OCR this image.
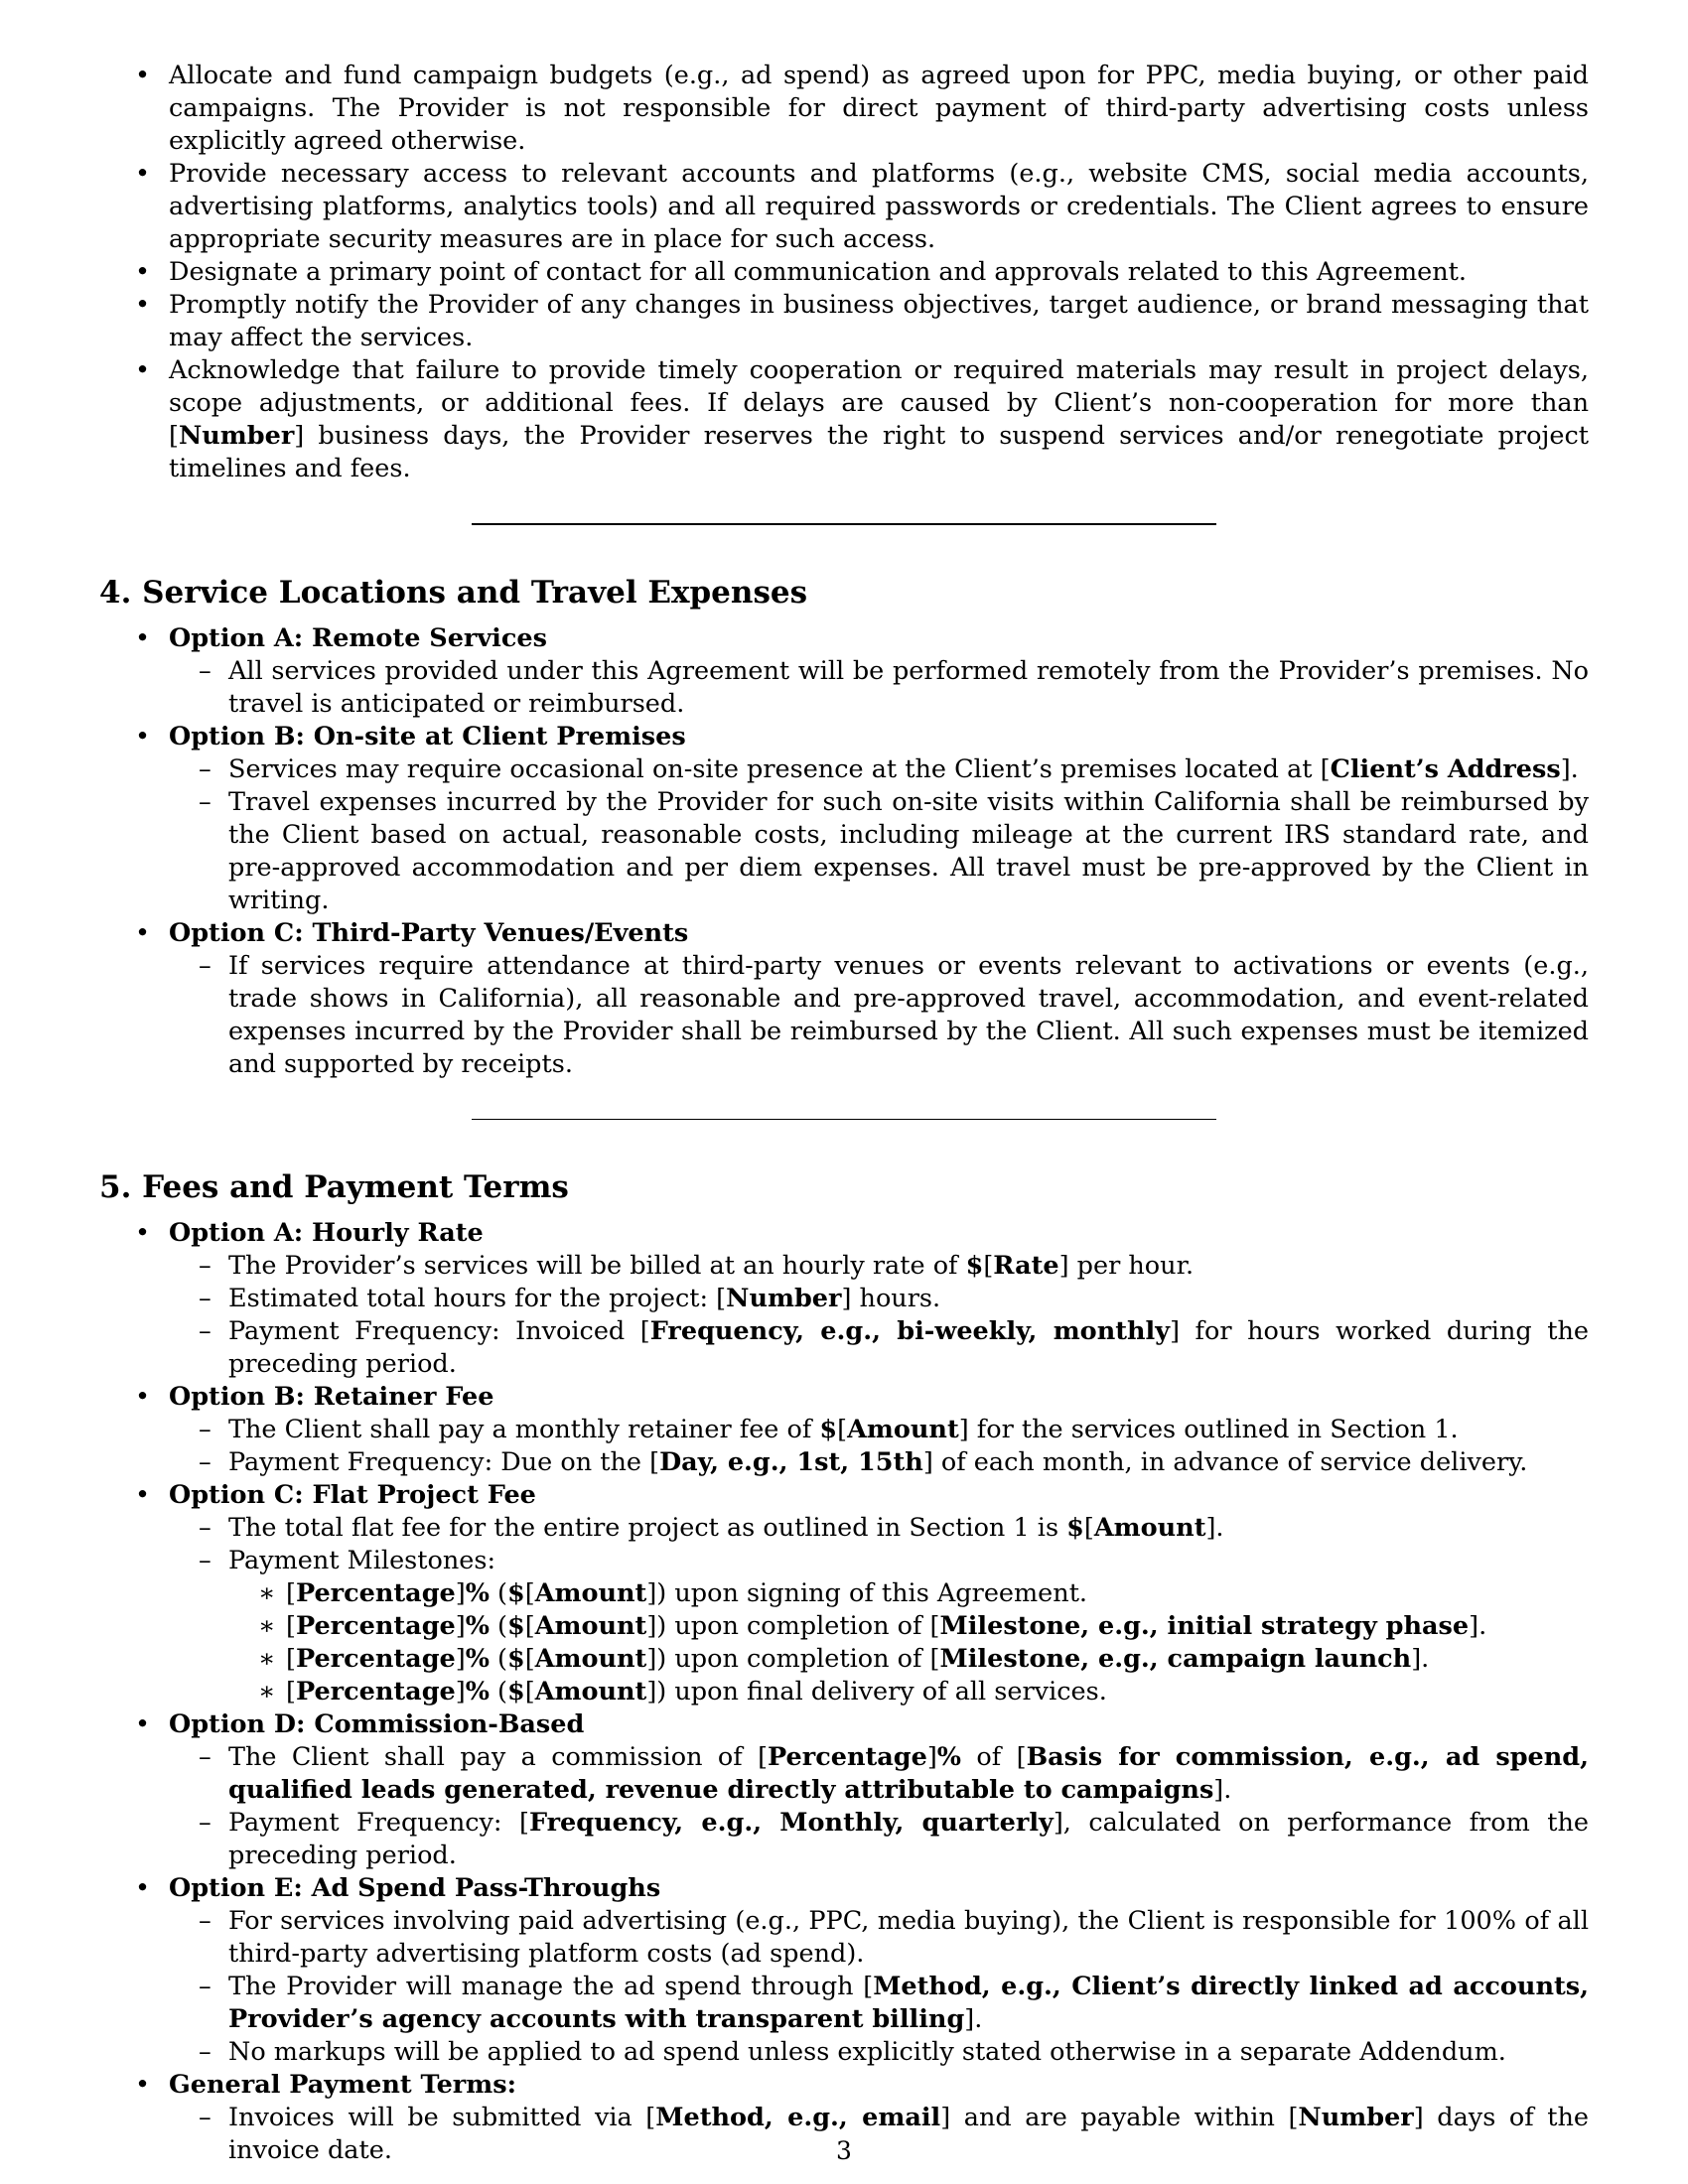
• Allocate and fund campaign budgets (e.g., ad spend) as agreed upon for PPC, media buying, or other paid campaigns. The Provider is not responsible for direct payment of third-party advertising costs unless explicitly agreed otherwise.
• Provide necessary access to relevant accounts and platforms (e.g., website CMS, social media accounts, advertising platforms, analytics tools) and all required passwords or credentials. The Client agrees to ensure appropriate security measures are in place for such access.
• Designate a primary point of contact for all communication and approvals related to this Agreement.
• Promptly notify the Provider of any changes in business objectives, target audience, or brand messaging that may affect the services.
• Acknowledge that failure to provide timely cooperation or required materials may result in project delays, scope adjustments, or additional fees. If delays are caused by Client’s non-cooperation for more than [Number] business days, the Provider reserves the right to suspend services and/or renegotiate project timelines and fees.
4. Service Locations and Travel Expenses
• Option A: Remote Services
– All services provided under this Agreement will be performed remotely from the Provider’s premises. No travel is anticipated or reimbursed.
• Option B: On-site at Client Premises
– Services may require occasional on-site presence at the Client’s premises located at [Client’s Address].
– Travel expenses incurred by the Provider for such on-site visits within California shall be reimbursed by the Client based on actual, reasonable costs, including mileage at the current IRS standard rate, and pre-approved accommodation and per diem expenses. All travel must be pre-approved by the Client in writing.
• Option C: Third-Party Venues/Events
– If services require attendance at third-party venues or events relevant to activations or events (e.g., trade shows in California), all reasonable and pre-approved travel, accommodation, and event-related expenses incurred by the Provider shall be reimbursed by the Client. All such expenses must be itemized and supported by receipts.
5. Fees and Payment Terms
• Option A: Hourly Rate
– The Provider’s services will be billed at an hourly rate of $[Rate] per hour.
– Estimated total hours for the project: [Number] hours.
– Payment Frequency: Invoiced [Frequency, e.g., bi-weekly, monthly] for hours worked during the preceding period.
• Option B: Retainer Fee
– The Client shall pay a monthly retainer fee of $[Amount] for the services outlined in Section 1.
– Payment Frequency: Due on the [Day, e.g., 1st, 15th] of each month, in advance of service delivery.
• Option C: Flat Project Fee
– The total flat fee for the entire project as outlined in Section 1 is $[Amount].
– Payment Milestones:
∗ [Percentage]% ($[Amount]) upon signing of this Agreement.
∗ [Percentage]% ($[Amount]) upon completion of [Milestone, e.g., initial strategy phase].
∗ [Percentage]% ($[Amount]) upon completion of [Milestone, e.g., campaign launch].
∗ [Percentage]% ($[Amount]) upon final delivery of all services.
• Option D: Commission-Based
– The Client shall pay a commission of [Percentage]% of [Basis for commission, e.g., ad spend, qualified leads generated, revenue directly attributable to campaigns].
– Payment Frequency: [Frequency, e.g., Monthly, quarterly], calculated on performance from the preceding period.
• Option E: Ad Spend Pass-Throughs
– For services involving paid advertising (e.g., PPC, media buying), the Client is responsible for 100% of all third-party advertising platform costs (ad spend).
– The Provider will manage the ad spend through [Method, e.g., Client’s directly linked ad accounts, Provider’s agency accounts with transparent billing].
– No markups will be applied to ad spend unless explicitly stated otherwise in a separate Addendum.
• General Payment Terms:
– Invoices will be submitted via [Method, e.g., email] and are payable within [Number] days of the invoice date.	3
